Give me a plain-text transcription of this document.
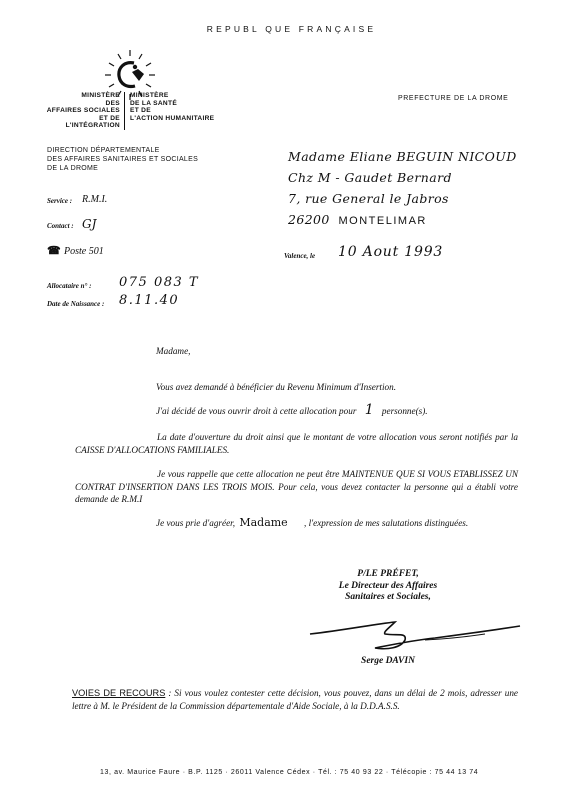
REPUBL QUE FRANÇAISE
MINISTÈRE
DES
AFFAIRES SOCIALES
ET DE
L'INTÉGRATION
MINISTÈRE
DE LA SANTÉ
ET DE
L'ACTION HUMANITAIRE
PREFECTURE DE LA DROME
DIRECTION DÉPARTEMENTALE
DES AFFAIRES SANITAIRES ET SOCIALES
DE LA DROME
Service : R.M.I.
Contact : GJ
☎ Poste 501
Allocataire n° : 075 083 T
Date de Naissance : 8.11.40
Madame Eliane BEGUIN NICOUD
Chz M - Gaudet Bernard
7, rue General le Jabros
26200 MONTELIMAR
Valence, le 10 Aout 1993
Madame,
Vous avez demandé à bénéficier du Revenu Minimum d'Insertion.
J'ai décidé de vous ouvrir droit à cette allocation pour 1 personne(s).
La date d'ouverture du droit ainsi que le montant de votre allocation vous seront notifiés par la CAISSE D'ALLOCATIONS FAMILIALES.
Je vous rappelle que cette allocation ne peut être MAINTENUE QUE SI VOUS ETABLISSEZ UN CONTRAT D'INSERTION DANS LES TROIS MOIS. Pour cela, vous devez contacter la personne qui a établi votre demande de R.M.I
Je vous prie d'agréer, Madame , l'expression de mes salutations distinguées.
P/LE PRÉFET,
Le Directeur des Affaires
Sanitaires et Sociales,
Serge DAVIN
VOIES DE RECOURS : Si vous voulez contester cette décision, vous pouvez, dans un délai de 2 mois, adresser une lettre à M. le Président de la Commission départementale d'Aide Sociale, à la D.D.A.S.S.
13, av. Maurice Faure · B.P. 1125 · 26011 Valence Cédex · Tél. : 75 40 93 22 · Télécopie : 75 44 13 74
